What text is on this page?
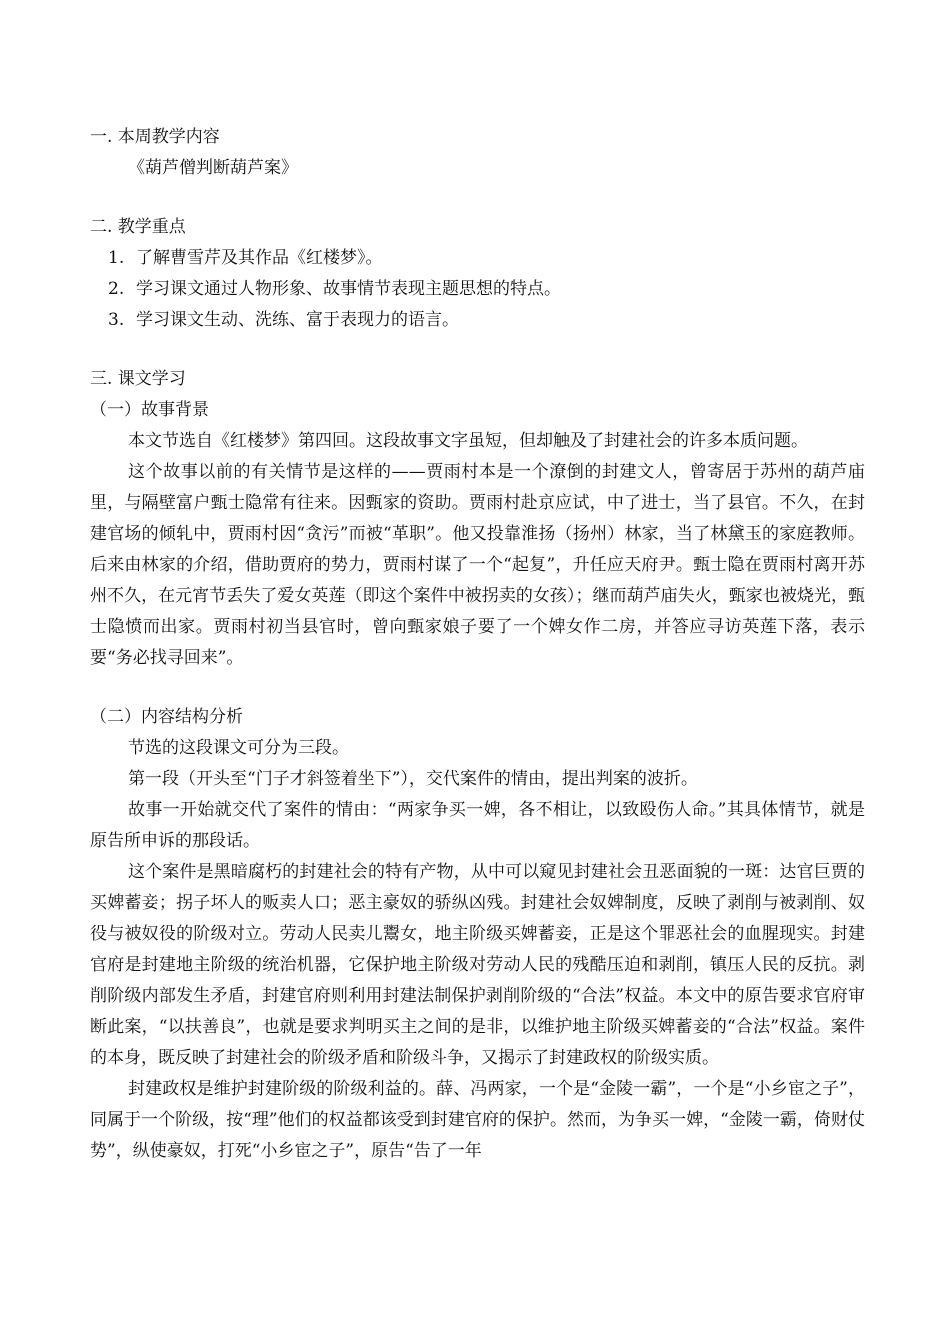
一. 本周教学内容

《葫芦僧判断葫芦案》

二. 教学重点

1. 了解曹雪芹及其作品《红楼梦》。
2. 学习课文通过人物形象、故事情节表现主题思想的特点。
3. 学习课文生动、洗练、富于表现力的语言。

三. 课文学习

（一）故事背景

本文节选自《红楼梦》第四回。这段故事文字虽短，但却触及了封建社会的许多本质问题。

这个故事以前的有关情节是这样的——贾雨村本是一个潦倒的封建文人，曾寄居于苏州的葫芦庙里，与隔壁富户甄士隐常有往来。因甄家的资助。贾雨村赴京应试，中了进士，当了县官。不久，在封建官场的倾轧中，贾雨村因“贪污”而被“革职”。他又投靠淮扬（扬州）林家，当了林黛玉的家庭教师。后来由林家的介绍，借助贾府的势力，贾雨村谋了一个“起复”，升任应天府尹。甄士隐在贾雨村离开苏州不久，在元宵节丢失了爱女英莲（即这个案件中被拐卖的女孩）；继而葫芦庙失火，甄家也被烧光，甄士隐愤而出家。贾雨村初当县官时，曾向甄家娘子要了一个婢女作二房，并答应寻访英莲下落，表示要“务必找寻回来”。

（二）内容结构分析

节选的这段课文可分为三段。

第一段（开头至“门子才斜签着坐下”），交代案件的情由，提出判案的波折。

故事一开始就交代了案件的情由：“两家争买一婢，各不相让，以致殴伤人命。”其具体情节，就是原告所申诉的那段话。

这个案件是黑暗腐朽的封建社会的特有产物，从中可以窥见封建社会丑恶面貌的一斑：达官巨贾的买婢蓄妾；拐子坏人的贩卖人口；恶主豪奴的骄纵凶残。封建社会奴婢制度，反映了剥削与被剥削、奴役与被奴役的阶级对立。劳动人民卖儿鬻女，地主阶级买婢蓄妾，正是这个罪恶社会的血腥现实。封建官府是封建地主阶级的统治机器，它保护地主阶级对劳动人民的残酷压迫和剥削，镇压人民的反抗。剥削阶级内部发生矛盾，封建官府则利用封建法制保护剥削阶级的“合法”权益。本文中的原告要求官府审断此案，“以扶善良”，也就是要求判明买主之间的是非，以维护地主阶级买婢蓄妾的“合法”权益。案件的本身，既反映了封建社会的阶级矛盾和阶级斗争，又揭示了封建政权的阶级实质。

封建政权是维护封建阶级的阶级利益的。薛、冯两家，一个是“金陵一霸”，一个是“小乡宦之子”，同属于一个阶级，按“理”他们的权益都该受到封建官府的保护。然而，为争买一婢，“金陵一霸，倚财仗势”，纵使豪奴，打死“小乡宦之子”，原告“告了一年
